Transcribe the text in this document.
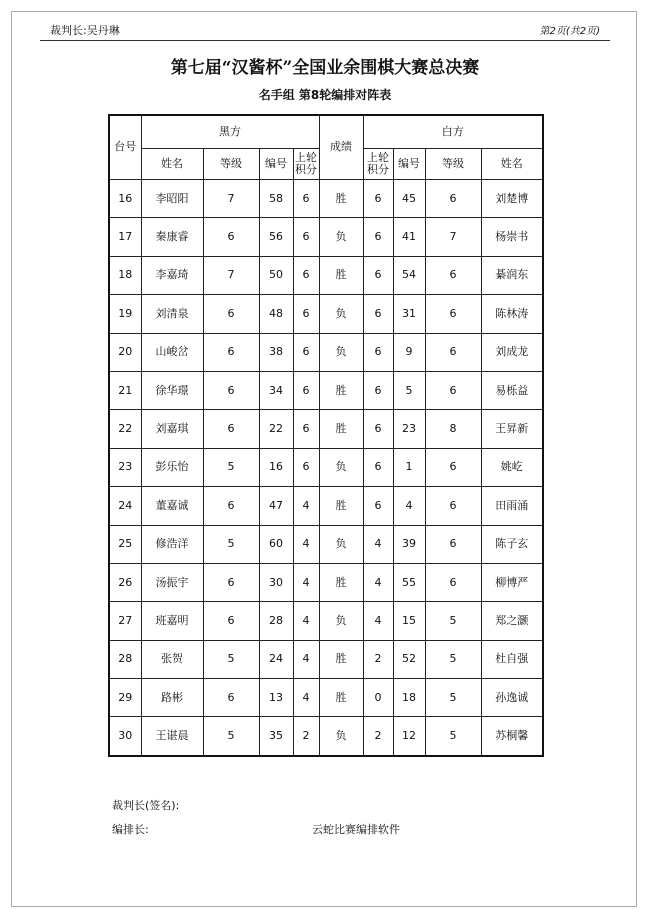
裁判长:吴丹琳	第2页(共2页)
第七届“汉酱杯”全国业余围棋大赛总决赛
名手组 第8轮编排对阵表
台号	黑方				成绩	白方			
	姓名	等级	编号	上轮积分		上轮积分	编号	等级	姓名
16	李昭阳	7	58	6	胜	6	45	6	刘楚博
17	秦康睿	6	56	6	负	6	41	7	杨崇书
18	李嘉琦	7	50	6	胜	6	54	6	綦润东
19	刘清泉	6	48	6	负	6	31	6	陈林涛
20	山峻岔	6	38	6	负	6	9	6	刘成龙
21	徐华璟	6	34	6	胜	6	5	6	易栎益
22	刘嘉琪	6	22	6	胜	6	23	8	王昇新
23	彭乐怡	5	16	6	负	6	1	6	姚屹
24	董嘉诚	6	47	4	胜	6	4	6	田雨涌
25	修浩洋	5	60	4	负	4	39	6	陈子玄
26	汤振宇	6	30	4	胜	4	55	6	柳博严
27	班嘉明	6	28	4	负	4	15	5	郑之灏
28	张贺	5	24	4	胜	2	52	5	杜自强
29	路彬	6	13	4	胜	0	18	5	孙逸诚
30	王谌晨	5	35	2	负	2	12	5	苏桐馨
裁判长(签名):
编排长:	云蛇比赛编排软件
